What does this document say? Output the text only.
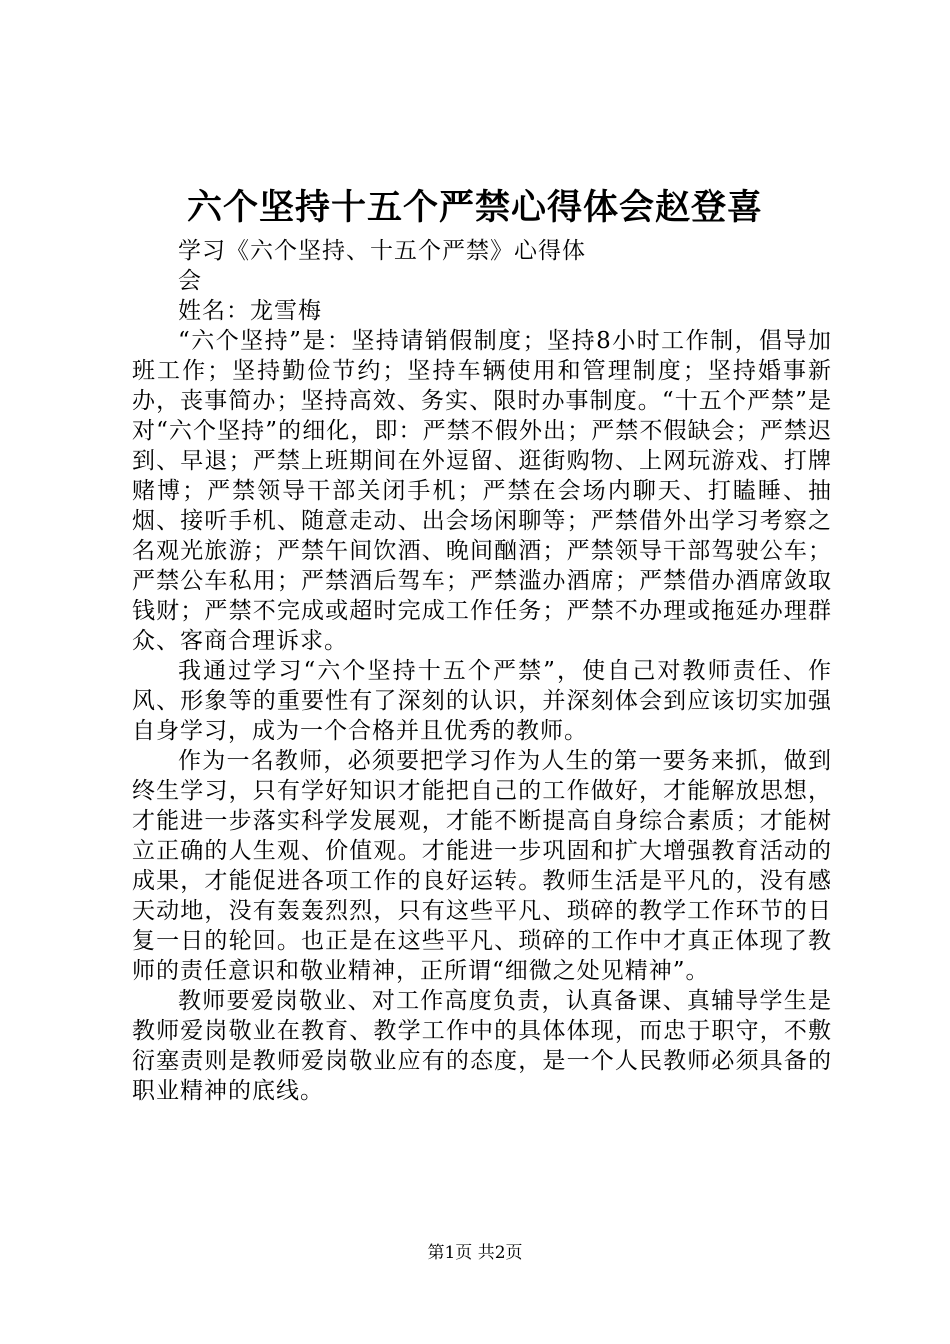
六个坚持十五个严禁心得体会赵登喜
学习《六个坚持、十五个严禁》心得体会
姓名：龙雪梅

“六个坚持”是：坚持请销假制度；坚持8小时工作制，倡导加班工作；坚持勤俭节约；坚持车辆使用和管理制度；坚持婚事新办，丧事简办；坚持高效、务实、限时办事制度。“十五个严禁”是对“六个坚持”的细化，即：严禁不假外出；严禁不假缺会；严禁迟到、早退；严禁上班期间在外逗留、逛街购物、上网玩游戏、打牌赌博；严禁领导干部关闭手机；严禁在会场内聊天、打瞌睡、抽烟、接听手机、随意走动、出会场闲聊等；严禁借外出学习考察之名观光旅游；严禁午间饮酒、晚间酗酒；严禁领导干部驾驶公车；严禁公车私用；严禁酒后驾车；严禁滥办酒席；严禁借办酒席敛取钱财；严禁不完成或超时完成工作任务；严禁不办理或拖延办理群众、客商合理诉求。

我通过学习“六个坚持十五个严禁”，使自己对教师责任、作风、形象等的重要性有了深刻的认识，并深刻体会到应该切实加强自身学习，成为一个合格并且优秀的教师。

作为一名教师，必须要把学习作为人生的第一要务来抓，做到终生学习，只有学好知识才能把自己的工作做好，才能解放思想，才能进一步落实科学发展观，才能不断提高自身综合素质；才能树立正确的人生观、价值观。才能进一步巩固和扩大增强教育活动的成果，才能促进各项工作的良好运转。教师生活是平凡的，没有感天动地，没有轰轰烈烈，只有这些平凡、琐碎的教学工作环节的日复一日的轮回。也正是在这些平凡、琐碎的工作中才真正体现了教师的责任意识和敬业精神，正所谓“细微之处见精神”。

教师要爱岗敬业、对工作高度负责，认真备课、真辅导学生是教师爱岗敬业在教育、教学工作中的具体体现，而忠于职守，不敷衍塞责则是教师爱岗敬业应有的态度，是一个人民教师必须具备的职业精神的底线。

第1页 共2页
